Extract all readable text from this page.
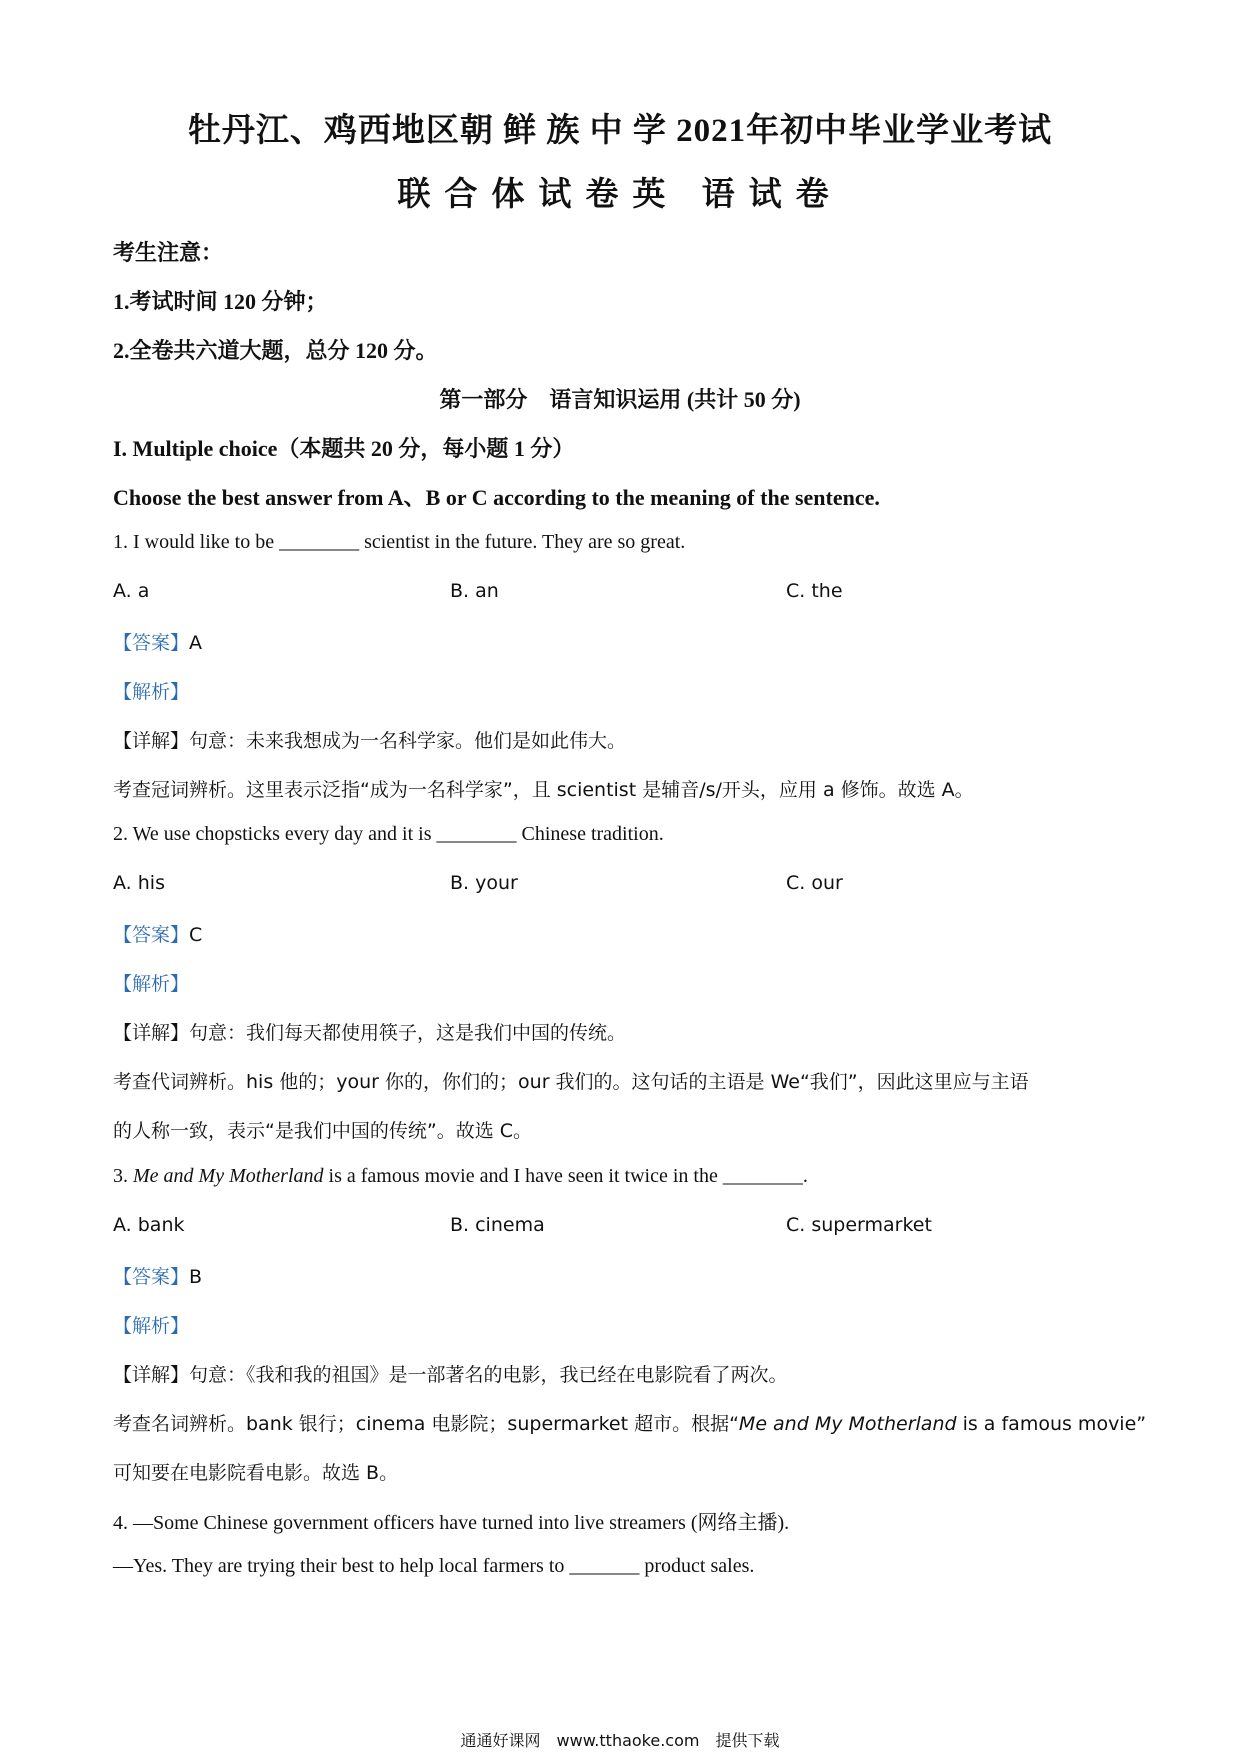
牡丹江、鸡西地区朝 鲜 族 中 学 2021年初中毕业学业考试
联合体试卷英 语试卷
考生注意：
1.考试时间 120 分钟；
2.全卷共六道大题，总分 120 分。
第一部分　语言知识运用 (共计 50 分)
I. Multiple choice（本题共 20 分，每小题 1 分）
Choose the best answer from A、B or C according to the meaning of the sentence.
1. I would like to be ________ scientist in the future. They are so great.
A. a	B. an	C. the
【答案】A
【解析】
【详解】句意：未来我想成为一名科学家。他们是如此伟大。
考查冠词辨析。这里表示泛指“成为一名科学家”，且 scientist 是辅音/s/开头，应用 a 修饰。故选 A。
2. We use chopsticks every day and it is ________ Chinese tradition.
A. his	B. your	C. our
【答案】C
【解析】
【详解】句意：我们每天都使用筷子，这是我们中国的传统。
考查代词辨析。his 他的；your 你的，你们的；our 我们的。这句话的主语是 We“我们”，因此这里应与主语
的人称一致，表示“是我们中国的传统”。故选 C。
3. Me and My Motherland is a famous movie and I have seen it twice in the ________.
A. bank	B. cinema	C. supermarket
【答案】B
【解析】
【详解】句意：《我和我的祖国》是一部著名的电影，我已经在电影院看了两次。
考查名词辨析。bank 银行；cinema 电影院；supermarket 超市。根据“Me and My Motherland is a famous movie”
可知要在电影院看电影。故选 B。
4. —Some Chinese government officers have turned into live streamers (网络主播).
—Yes. They are trying their best to help local farmers to _______ product sales.
通通好课网　www.tthaoke.com　提供下载
